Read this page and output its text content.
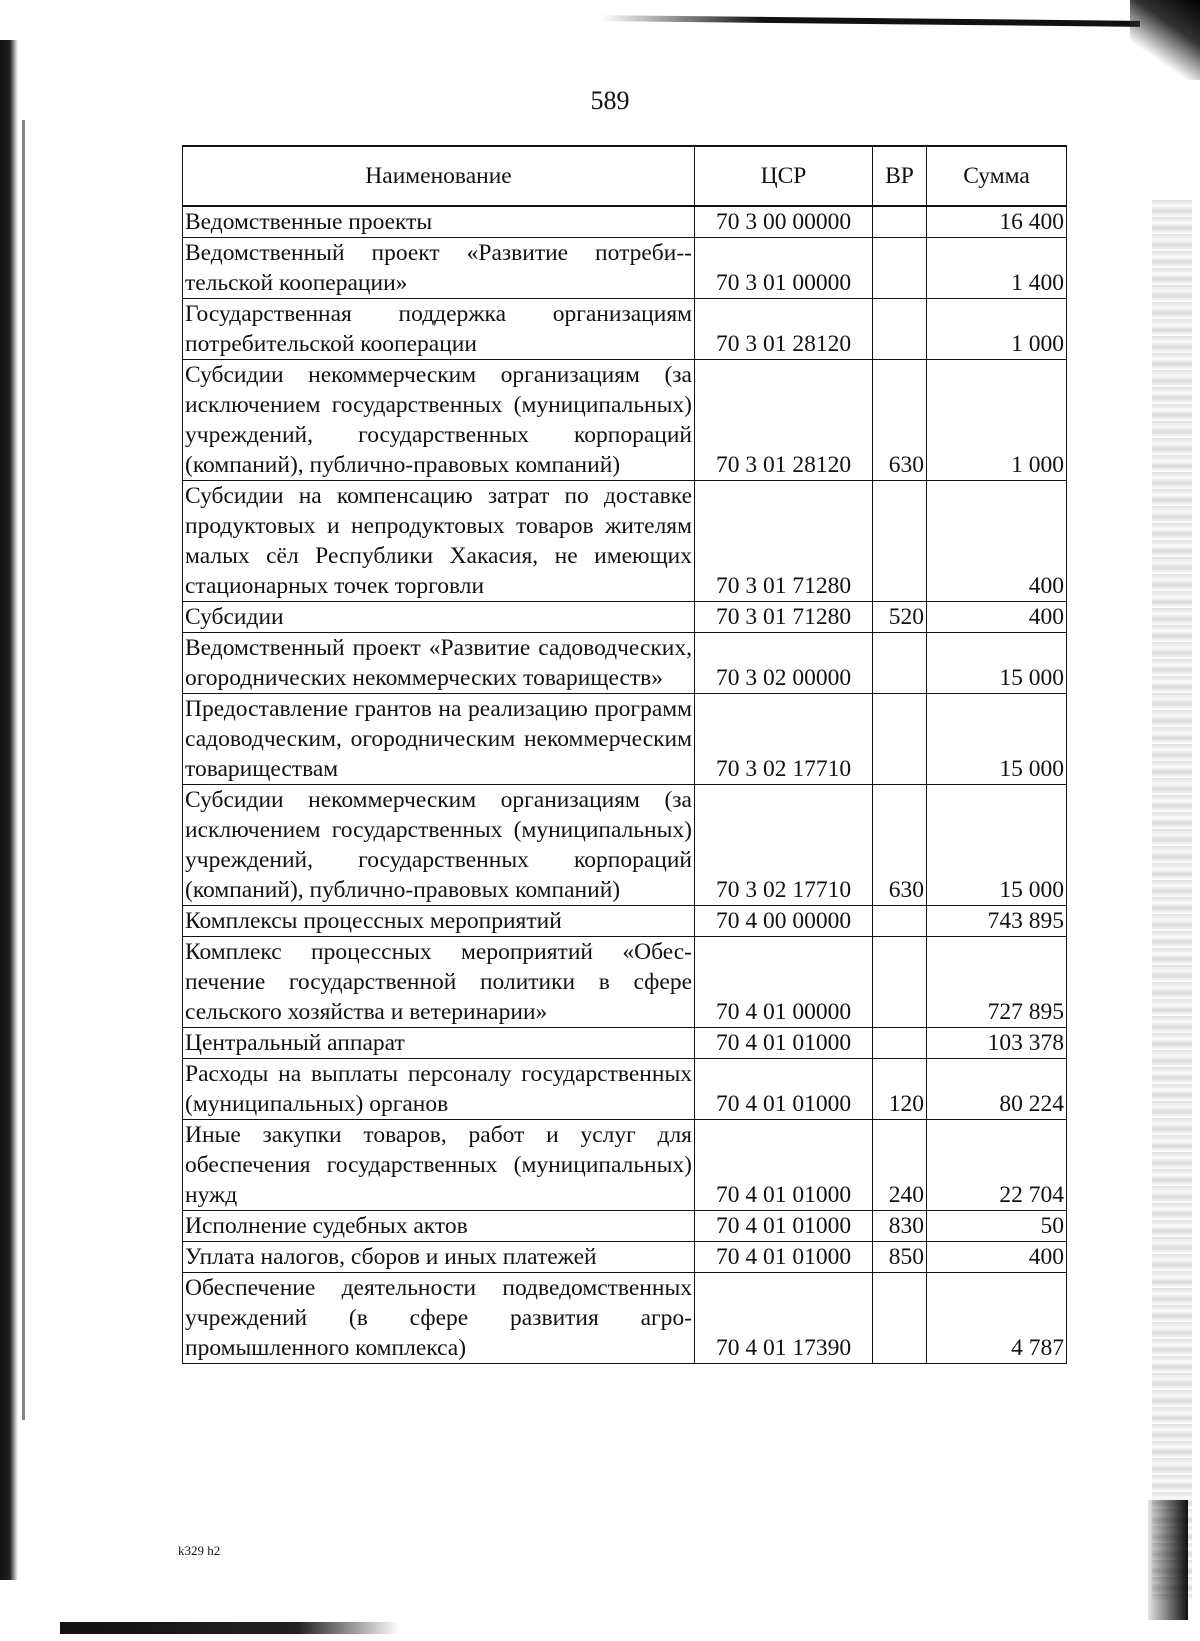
589
Наименование	ЦСР	ВР	Сумма
Ведомственные проекты	70 3 00 00000		16 400
Ведомственный проект «Развитие потреби-тельской кооперации»	70 3 01 00000		1 400
Государственная поддержка организациям потребительской кооперации	70 3 01 28120		1 000
Субсидии некоммерческим организациям (за исключением государственных (муниципальных) учреждений, государственных корпораций (компаний), публично-правовых компаний)	70 3 01 28120	630	1 000
Субсидии на компенсацию затрат по доставке продуктовых и непродуктовых товаров жителям малых сёл Республики Хакасия, не имеющих стационарных точек торговли	70 3 01 71280		400
Субсидии	70 3 01 71280	520	400
Ведомственный проект «Развитие садоводческих, огороднических некоммерческих товариществ»	70 3 02 00000		15 000
Предоставление грантов на реализацию программ садоводческим, огородническим некоммерческим товариществам	70 3 02 17710		15 000
Субсидии некоммерческим организациям (за исключением государственных (муниципальных) учреждений, государственных корпораций (компаний), публично-правовых компаний)	70 3 02 17710	630	15 000
Комплексы процессных мероприятий	70 4 00 00000		743 895
Комплекс процессных мероприятий «Обеспечение государственной политики в сфере сельского хозяйства и ветеринарии»	70 4 01 00000		727 895
Центральный аппарат	70 4 01 01000		103 378
Расходы на выплаты персоналу государственных (муниципальных) органов	70 4 01 01000	120	80 224
Иные закупки товаров, работ и услуг для обеспечения государственных (муниципальных) нужд	70 4 01 01000	240	22 704
Исполнение судебных актов	70 4 01 01000	830	50
Уплата налогов, сборов и иных платежей	70 4 01 01000	850	400
Обеспечение деятельности подведомственных учреждений (в сфере развития агропромышленного комплекса)	70 4 01 17390		4 787
k329 h2
